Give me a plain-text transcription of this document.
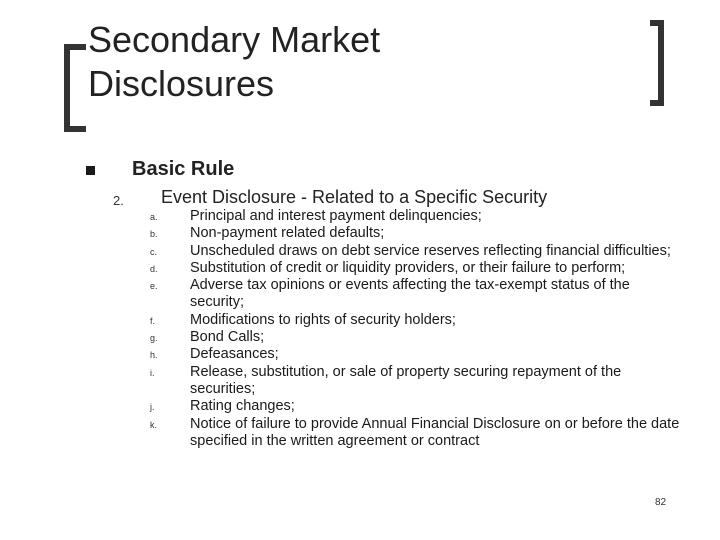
Secondary Market
Disclosures
Basic Rule
2. Event Disclosure - Related to a Specific Security
a. Principal and interest payment delinquencies;
b. Non-payment related defaults;
c. Unscheduled draws on debt service reserves reflecting financial difficulties;
d. Substitution of credit or liquidity providers, or their failure to perform;
e. Adverse tax opinions or events affecting the tax-exempt status of the security;
f. Modifications to rights of security holders;
g. Bond Calls;
h. Defeasances;
i. Release, substitution, or sale of property securing repayment of the securities;
j. Rating changes;
k. Notice of failure to provide Annual Financial Disclosure on or before the date specified in the written agreement or contract
82
